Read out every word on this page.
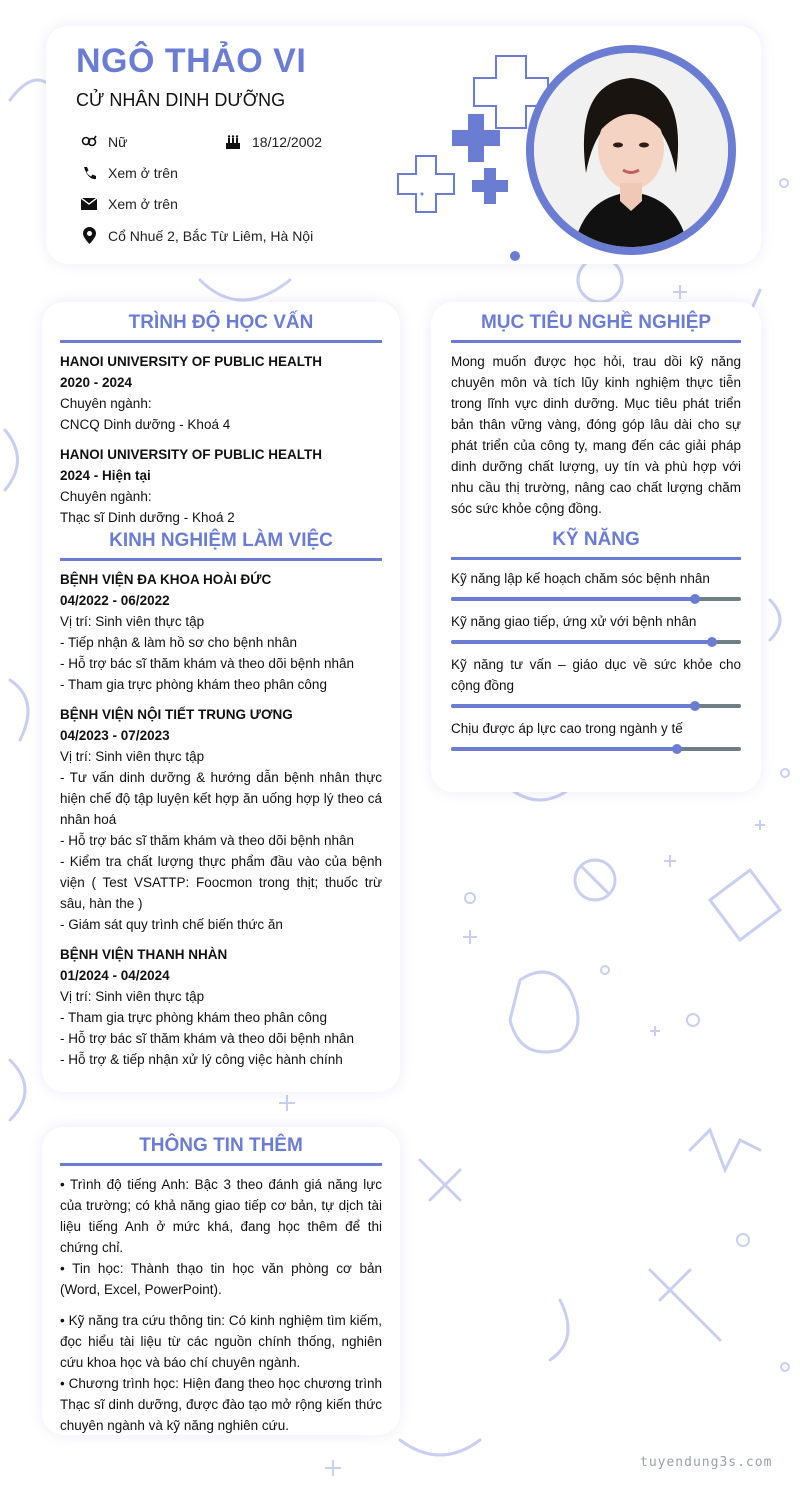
NGÔ THẢO VI
CỬ NHÂN DINH DƯỠNG
Nữ	18/12/2002
Xem ở trên
Xem ở trên
Cổ Nhuế 2, Bắc Từ Liêm, Hà Nội
TRÌNH ĐỘ HỌC VẤN
HANOI UNIVERSITY OF PUBLIC HEALTH
2020 - 2024
Chuyên ngành:
CNCQ Dinh dưỡng - Khoá 4
HANOI UNIVERSITY OF PUBLIC HEALTH
2024 - Hiện tại
Chuyên ngành:
Thạc sĩ Dinh dưỡng - Khoá 2
KINH NGHIỆM LÀM VIỆC
BỆNH VIỆN ĐA KHOA HOÀI ĐỨC
04/2022 - 06/2022
Vị trí: Sinh viên thực tập
- Tiếp nhận & làm hồ sơ cho bệnh nhân
- Hỗ trợ bác sĩ thăm khám và theo dõi bệnh nhân
- Tham gia trực phòng khám theo phân công
BỆNH VIỆN NỘI TIẾT TRUNG ƯƠNG
04/2023 - 07/2023
Vị trí: Sinh viên thực tập
- Tư vấn dinh dưỡng & hướng dẫn bệnh nhân thực hiện chế độ tập luyện kết hợp ăn uống hợp lý theo cá nhân hoá
- Hỗ trợ bác sĩ thăm khám và theo dõi bệnh nhân
- Kiểm tra chất lượng thực phẩm đầu vào của bệnh viện ( Test VSATTP: Foocmon trong thịt; thuốc trừ sâu, hàn the )
- Giám sát quy trình chế biến thức ăn
BỆNH VIỆN THANH NHÀN
01/2024 - 04/2024
Vị trí: Sinh viên thực tập
- Tham gia trực phòng khám theo phân công
- Hỗ trợ bác sĩ thăm khám và theo dõi bệnh nhân
- Hỗ trợ & tiếp nhận xử lý công việc hành chính
MỤC TIÊU NGHỀ NGHIỆP
Mong muốn được học hỏi, trau dồi kỹ năng chuyên môn và tích lũy kinh nghiệm thực tiễn trong lĩnh vực dinh dưỡng. Mục tiêu phát triển bản thân vững vàng, đóng góp lâu dài cho sự phát triển của công ty, mang đến các giải pháp dinh dưỡng chất lượng, uy tín và phù hợp với nhu cầu thị trường, nâng cao chất lượng chăm sóc sức khỏe cộng đồng.
KỸ NĂNG
Kỹ năng lập kế hoạch chăm sóc bệnh nhân
Kỹ năng giao tiếp, ứng xử với bệnh nhân
Kỹ năng tư vấn – giáo dục về sức khỏe cho cộng đồng
Chịu được áp lực cao trong ngành y tế
THÔNG TIN THÊM
• Trình độ tiếng Anh: Bậc 3 theo đánh giá năng lực của trường; có khả năng giao tiếp cơ bản, tự dịch tài liệu tiếng Anh ở mức khá, đang học thêm để thi chứng chỉ.
• Tin học: Thành thạo tin học văn phòng cơ bản (Word, Excel, PowerPoint).
• Kỹ năng tra cứu thông tin: Có kinh nghiệm tìm kiếm, đọc hiểu tài liệu từ các nguồn chính thống, nghiên cứu khoa học và báo chí chuyên ngành.
• Chương trình học: Hiện đang theo học chương trình Thạc sĩ dinh dưỡng, được đào tạo mở rộng kiến thức chuyên ngành và kỹ năng nghiên cứu.
tuyendung3s.com
